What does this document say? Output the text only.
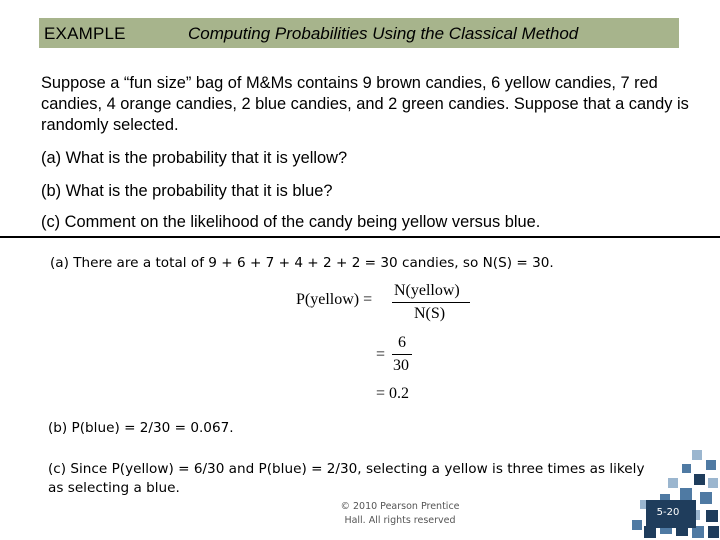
EXAMPLE	Computing Probabilities Using the Classical Method

Suppose a “fun size” bag of M&Ms contains 9 brown candies, 6 yellow candies, 7 red candies, 4 orange candies, 2 blue candies, and 2 green candies. Suppose that a candy is randomly selected.

(a) What is the probability that it is yellow?
(b) What is the probability that it is blue?
(c) Comment on the likelihood of the candy being yellow versus blue.
(a) There are a total of 9 + 6 + 7 + 4 + 2 + 2 = 30 candies, so N(S) = 30.
P(yellow) =
N(yellow)
N(S)
=
6
30
= 0.2
(b) P(blue) = 2/30 = 0.067.
(c) Since P(yellow) = 6/30 and P(blue) = 2/30, selecting a yellow is three times as likely as selecting a blue.
© 2010 Pearson Prentice Hall. All rights reserved
5-20
